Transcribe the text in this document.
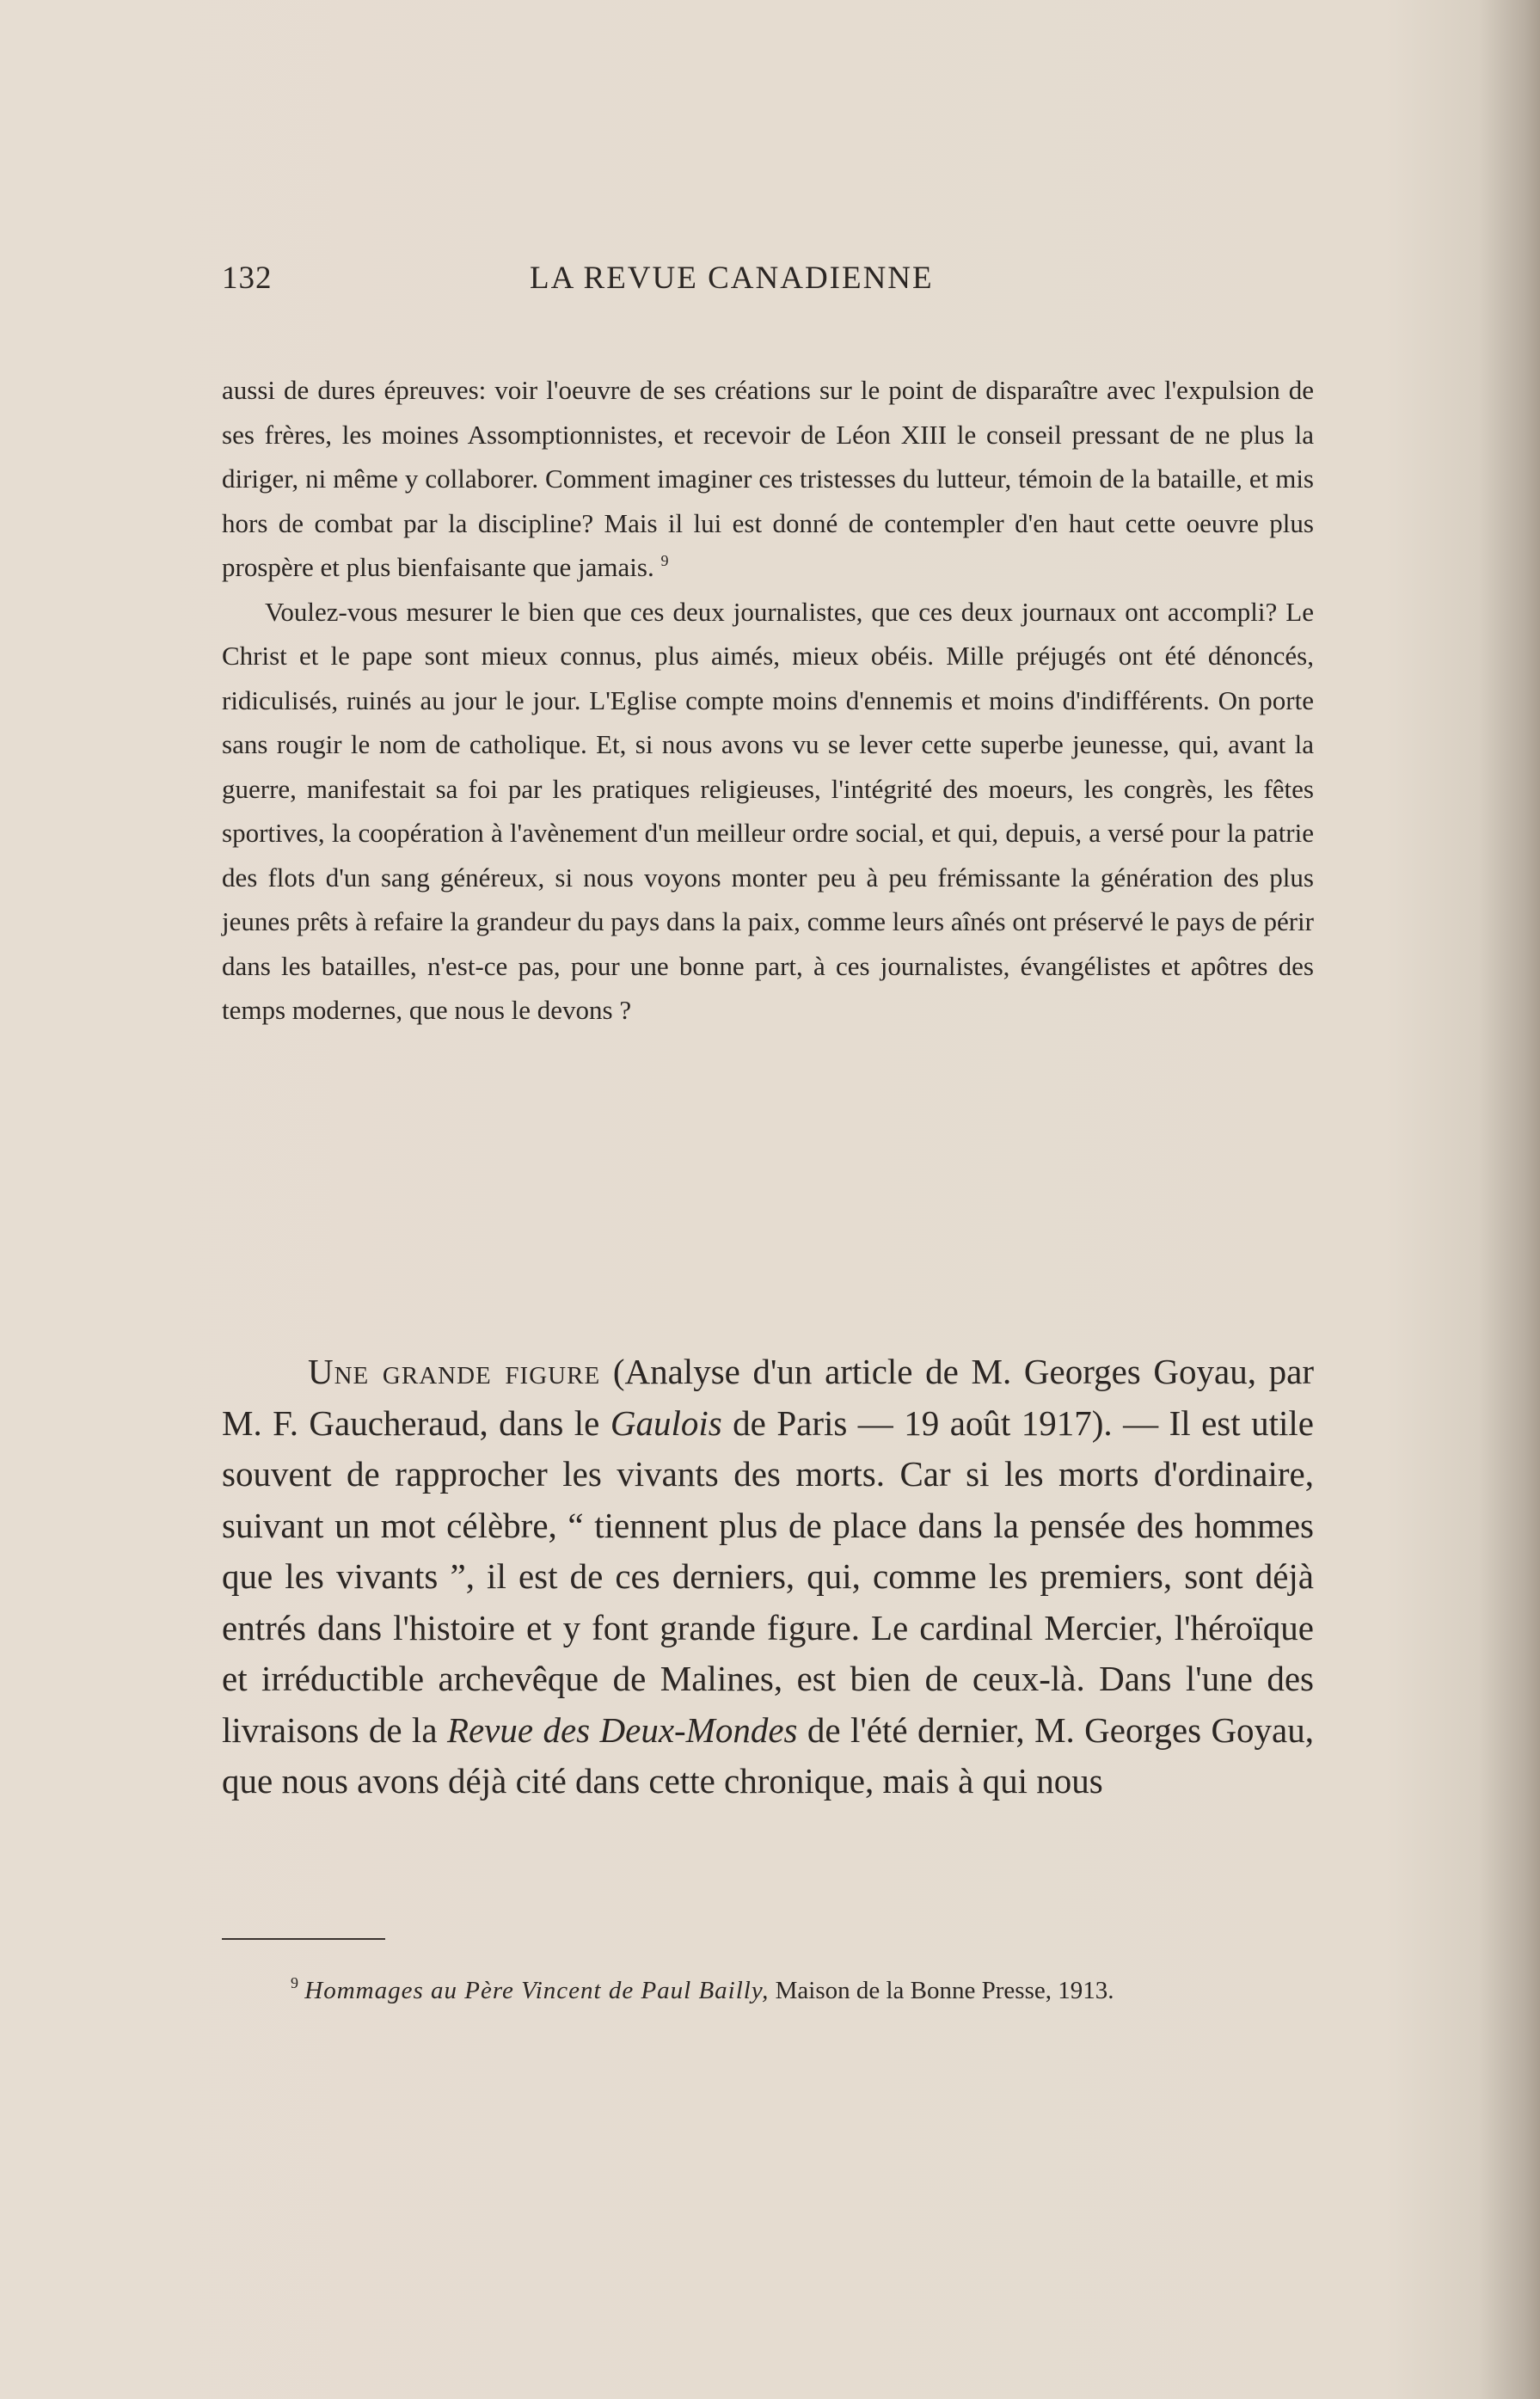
132	LA REVUE CANADIENNE

aussi de dures épreuves: voir l'oeuvre de ses créations sur le point de disparaître avec l'expulsion de ses frères, les moines Assomptionnistes, et recevoir de Léon XIII le conseil pressant de ne plus la diriger, ni même y collaborer. Comment imaginer ces tristesses du lutteur, témoin de la bataille, et mis hors de combat par la discipline? Mais il lui est donné de contempler d'en haut cette oeuvre plus prospère et plus bienfaisante que jamais. $^9$

Voulez-vous mesurer le bien que ces deux journalistes, que ces deux journaux ont accompli? Le Christ et le pape sont mieux connus, plus aimés, mieux obéis. Mille préjugés ont été dénoncés, ridiculisés, ruinés au jour le jour. L'Eglise compte moins d'ennemis et moins d'indifférents. On porte sans rougir le nom de catholique. Et, si nous avons vu se lever cette superbe jeunesse, qui, avant la guerre, manifestait sa foi par les pratiques religieuses, l'intégrité des moeurs, les congrès, les fêtes sportives, la coopération à l'avènement d'un meilleur ordre social, et qui, depuis, a versé pour la patrie des flots d'un sang généreux, si nous voyons monter peu à peu frémissante la génération des plus jeunes prêts à refaire la grandeur du pays dans la paix, comme leurs aînés ont préservé le pays de périr dans les batailles, n'est-ce pas, pour une bonne part, à ces journalistes, évangélistes et apôtres des temps modernes, que nous le devons ?

Une grande figure (Analyse d'un article de M. Georges Goyau, par M. F. Gaucheraud, dans le Gaulois de Paris — 19 août 1917). — Il est utile souvent de rapprocher les vivants des morts. Car si les morts d'ordinaire, suivant un mot célèbre, “ tiennent plus de place dans la pensée des hommes que les vivants ”, il est de ces derniers, qui, comme les premiers, sont déjà entrés dans l'histoire et y font grande figure. Le cardinal Mercier, l'héroïque et irréductible archevêque de Malines, est bien de ceux-là. Dans l'une des livraisons de la Revue des Deux-Mondes de l'été dernier, M. Georges Goyau, que nous avons déjà cité dans cette chronique, mais à qui nous

$^9$ Hommages au Père Vincent de Paul Bailly, Maison de la Bonne Presse, 1913.
